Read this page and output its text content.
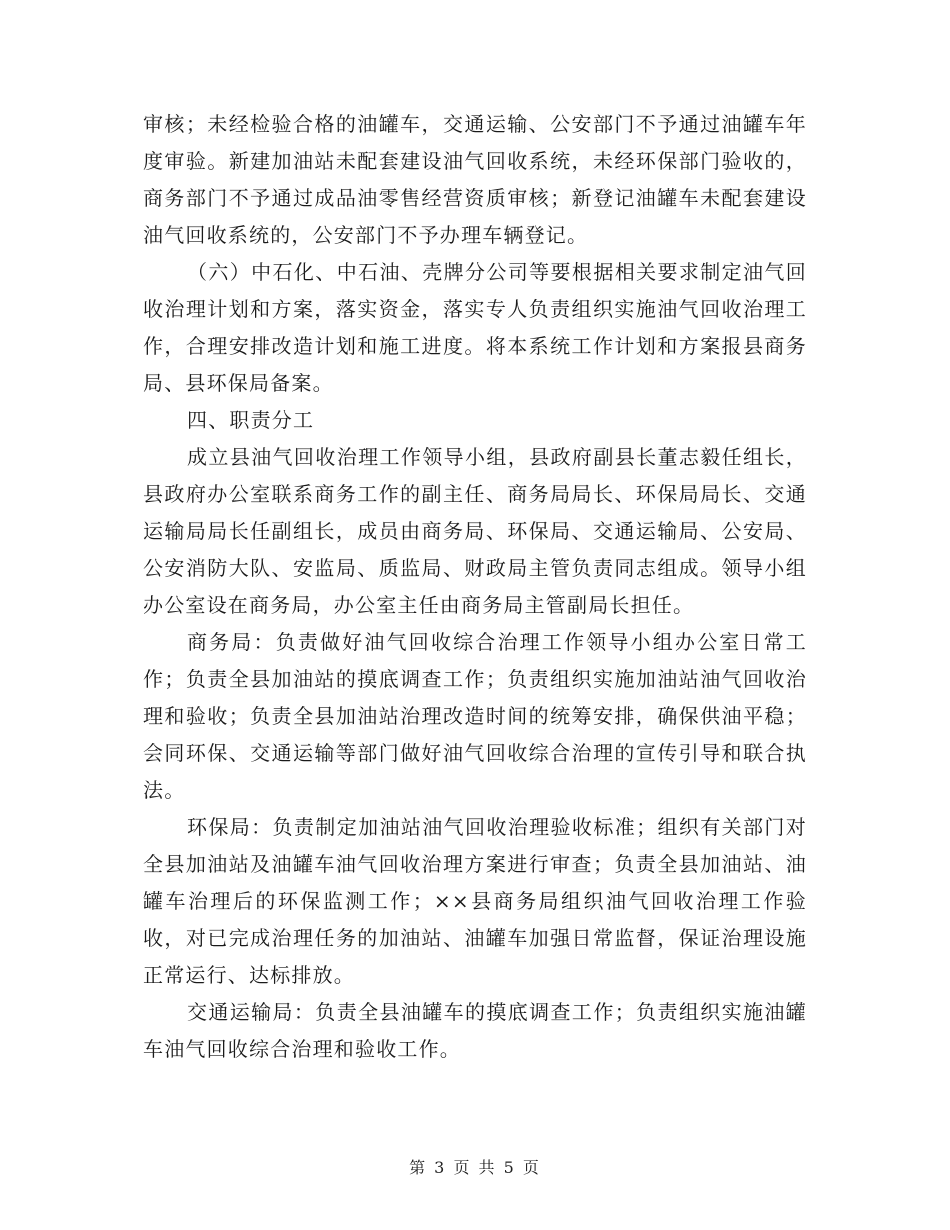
审核；未经检验合格的油罐车，交通运输、公安部门不予通过油罐车年度审验。新建加油站未配套建设油气回收系统，未经环保部门验收的，商务部门不予通过成品油零售经营资质审核；新登记油罐车未配套建设油气回收系统的，公安部门不予办理车辆登记。

（六）中石化、中石油、壳牌分公司等要根据相关要求制定油气回收治理计划和方案，落实资金，落实专人负责组织实施油气回收治理工作，合理安排改造计划和施工进度。将本系统工作计划和方案报县商务局、县环保局备案。

四、职责分工

成立县油气回收治理工作领导小组，县政府副县长董志毅任组长，县政府办公室联系商务工作的副主任、商务局局长、环保局局长、交通运输局局长任副组长，成员由商务局、环保局、交通运输局、公安局、公安消防大队、安监局、质监局、财政局主管负责同志组成。领导小组办公室设在商务局，办公室主任由商务局主管副局长担任。

商务局：负责做好油气回收综合治理工作领导小组办公室日常工作；负责全县加油站的摸底调查工作；负责组织实施加油站油气回收治理和验收；负责全县加油站治理改造时间的统筹安排，确保供油平稳；会同环保、交通运输等部门做好油气回收综合治理的宣传引导和联合执法。

环保局：负责制定加油站油气回收治理验收标准；组织有关部门对全县加油站及油罐车油气回收治理方案进行审查；负责全县加油站、油罐车治理后的环保监测工作；××县商务局组织油气回收治理工作验收，对已完成治理任务的加油站、油罐车加强日常监督，保证治理设施正常运行、达标排放。

交通运输局：负责全县油罐车的摸底调查工作；负责组织实施油罐车油气回收综合治理和验收工作。

第 3 页 共 5 页
